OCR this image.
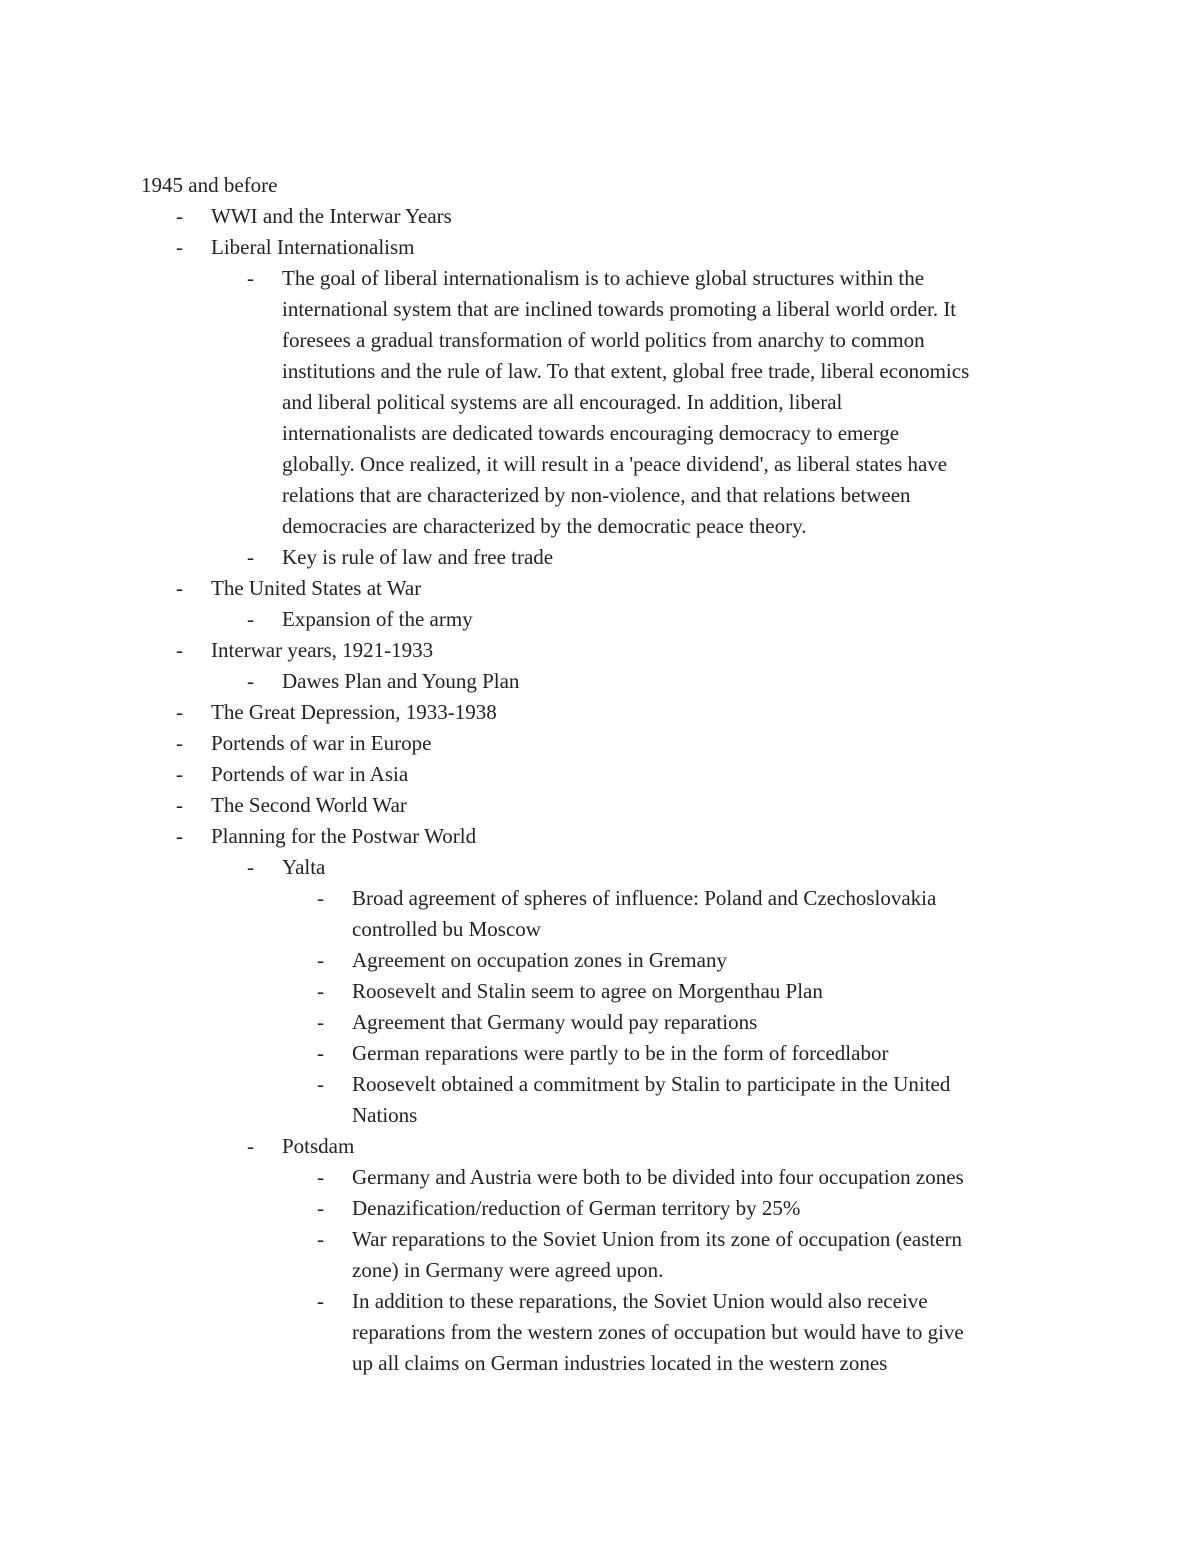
1945 and before
- WWI and the Interwar Years
- Liberal Internationalism
- The goal of liberal internationalism is to achieve global structures within the
international system that are inclined towards promoting a liberal world order. It
foresees a gradual transformation of world politics from anarchy to common
institutions and the rule of law. To that extent, global free trade, liberal economics
and liberal political systems are all encouraged. In addition, liberal
internationalists are dedicated towards encouraging democracy to emerge
globally. Once realized, it will result in a 'peace dividend', as liberal states have
relations that are characterized by non-violence, and that relations between
democracies are characterized by the democratic peace theory.
- Key is rule of law and free trade
- The United States at War
- Expansion of the army
- Interwar years, 1921-1933
- Dawes Plan and Young Plan
- The Great Depression, 1933-1938
- Portends of war in Europe
- Portends of war in Asia
- The Second World War
- Planning for the Postwar World
- Yalta
- Broad agreement of spheres of influence: Poland and Czechoslovakia
controlled bu Moscow
- Agreement on occupation zones in Gremany
- Roosevelt and Stalin seem to agree on Morgenthau Plan
- Agreement that Germany would pay reparations
- German reparations were partly to be in the form of forcedlabor
- Roosevelt obtained a commitment by Stalin to participate in the United
Nations
- Potsdam
- Germany and Austria were both to be divided into four occupation zones
- Denazification/reduction of German territory by 25%
- War reparations to the Soviet Union from its zone of occupation (eastern
zone) in Germany were agreed upon.
- In addition to these reparations, the Soviet Union would also receive
reparations from the western zones of occupation but would have to give
up all claims on German industries located in the western zones
